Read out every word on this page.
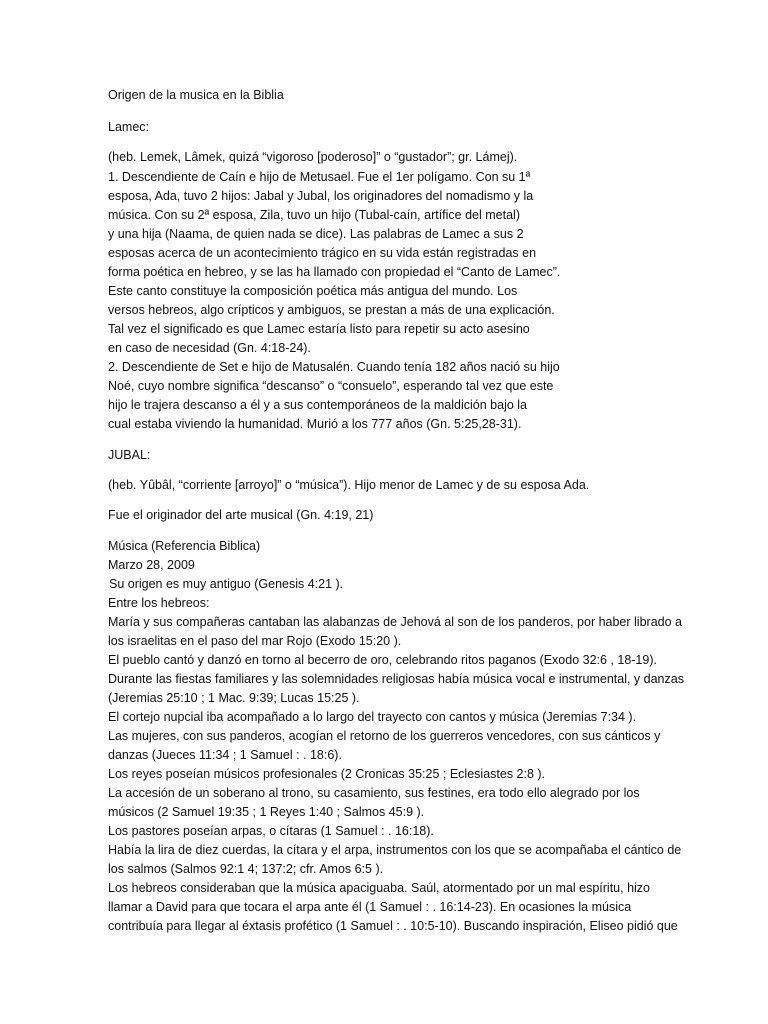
Origen de la musica en la Biblia

Lamec:

(heb. Lemek, Lâmek, quizá “vigoroso [poderoso]” o “gustador”; gr. Lámej).

1. Descendiente de Caín e hijo de Metusael. Fue el 1er polígamo. Con su 1ª

esposa, Ada, tuvo 2 hijos: Jabal y Jubal, los originadores del nomadismo y la

música. Con su 2ª esposa, Zila, tuvo un hijo (Tubal-caín, artífice del metal)

y una hija (Naama, de quien nada se dice). Las palabras de Lamec a sus 2

esposas acerca de un acontecimiento trágico en su vida están registradas en

forma poética en hebreo, y se las ha llamado con propiedad el “Canto de Lamec”.

Este canto constituye la composición poética más antigua del mundo. Los

versos hebreos, algo crípticos y ambiguos, se prestan a más de una explicación.

Tal vez el significado es que Lamec estaría listo para repetir su acto asesino

en caso de necesidad (Gn. 4:18-24).

2. Descendiente de Set e hijo de Matusalén. Cuando tenía 182 años nació su hijo

Noé, cuyo nombre significa “descanso” o “consuelo”, esperando tal vez que este

hijo le trajera descanso a él y a sus contemporáneos de la maldición bajo la

cual estaba viviendo la humanidad. Murió a los 777 años (Gn. 5:25,28-31).

JUBAL:

(heb. Yûbâl, “corriente [arroyo]” o “música”). Hijo menor de Lamec y de su esposa Ada.

Fue el originador del arte musical (Gn. 4:19, 21)

Música (Referencia Biblica)

Marzo 28, 2009

Su origen es muy antiguo (Genesis 4:21 ).

Entre los hebreos:

María y sus compañeras cantaban las alabanzas de Jehová al son de los panderos, por haber librado a

los israelitas en el paso del mar Rojo (Exodo 15:20 ).

El pueblo cantó y danzó en torno al becerro de oro, celebrando ritos paganos (Exodo 32:6 , 18-19).

Durante las fiestas familiares y las solemnidades religiosas había música vocal e instrumental, y danzas

(Jeremias 25:10 ; 1 Mac. 9:39; Lucas 15:25 ).

El cortejo nupcial iba acompañado a lo largo del trayecto con cantos y música (Jeremias 7:34 ).

Las mujeres, con sus panderos, acogían el retorno de los guerreros vencedores, con sus cánticos y

danzas (Jueces 11:34 ; 1 Samuel : . 18:6).

Los reyes poseían músicos profesionales (2 Cronicas 35:25 ; Eclesiastes 2:8 ).

La accesión de un soberano al trono, su casamiento, sus festines, era todo ello alegrado por los

músicos (2 Samuel 19:35 ; 1 Reyes 1:40 ; Salmos 45:9 ).

Los pastores poseían arpas, o cítaras (1 Samuel : . 16:18).

Había la lira de diez cuerdas, la cítara y el arpa, instrumentos con los que se acompañaba el cántico de

los salmos (Salmos 92:1 4; 137:2; cfr. Amos 6:5 ).

Los hebreos consideraban que la música apaciguaba. Saúl, atormentado por un mal espíritu, hizo

llamar a David para que tocara el arpa ante él (1 Samuel : . 16:14-23). En ocasiones la música

contribuía para llegar al éxtasis profético (1 Samuel : . 10:5-10). Buscando inspiración, Eliseo pidió que
